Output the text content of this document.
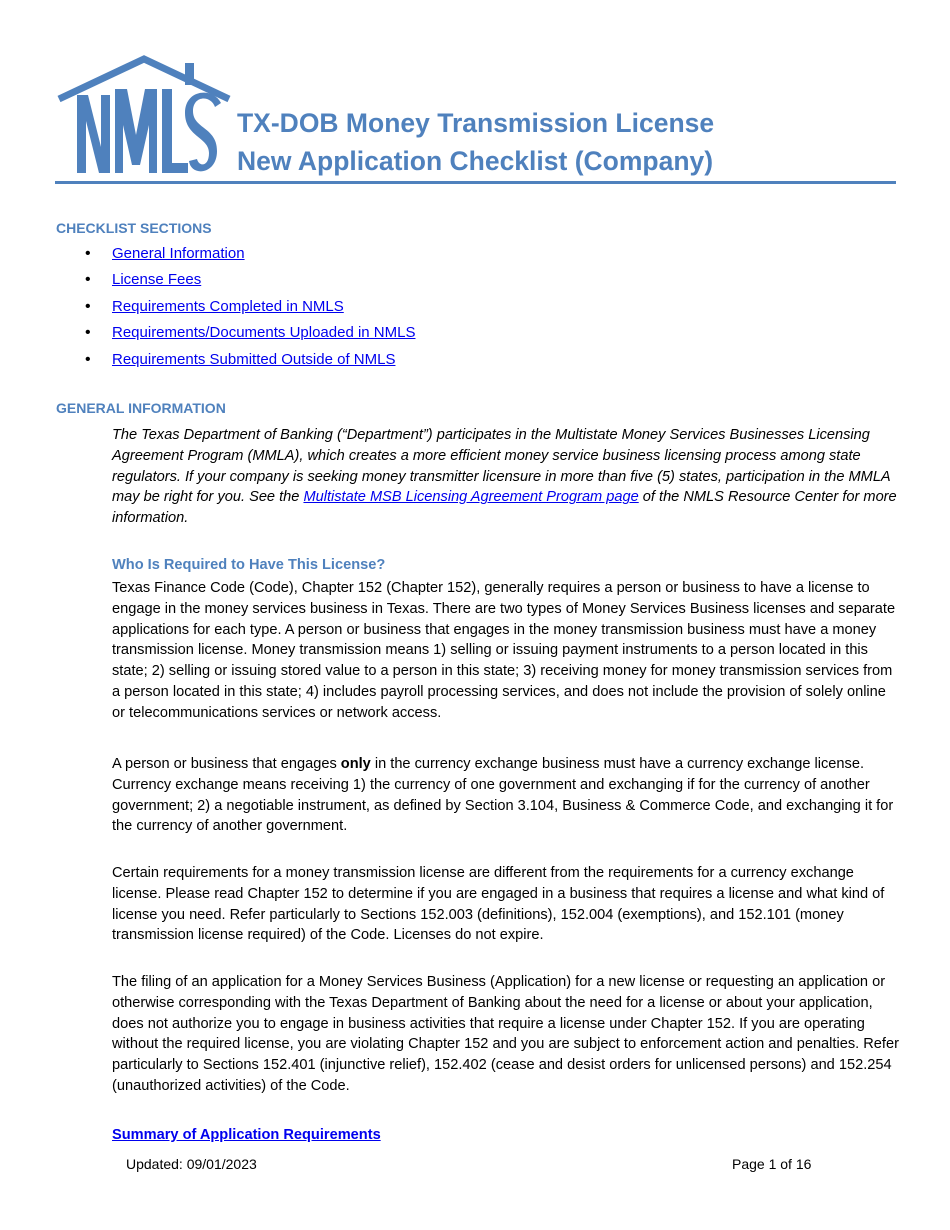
TX-DOB Money Transmission License
New Application Checklist (Company)
CHECKLIST SECTIONS
• General Information
• License Fees
• Requirements Completed in NMLS
• Requirements/Documents Uploaded in NMLS
• Requirements Submitted Outside of NMLS
GENERAL INFORMATION

The Texas Department of Banking (“Department”) participates in the Multistate Money Services Businesses Licensing Agreement Program (MMLA), which creates a more efficient money service business licensing process among state regulators. If your company is seeking money transmitter licensure in more than five (5) states, participation in the MMLA may be right for you. See the Multistate MSB Licensing Agreement Program page of the NMLS Resource Center for more information.

Who Is Required to Have This License?

Texas Finance Code (Code), Chapter 152 (Chapter 152), generally requires a person or business to have a license to engage in the money services business in Texas. There are two types of Money Services Business licenses and separate applications for each type. A person or business that engages in the money transmission business must have a money transmission license. Money transmission means 1) selling or issuing payment instruments to a person located in this state; 2) selling or issuing stored value to a person in this state; 3) receiving money for money transmission services from a person located in this state; 4) includes payroll processing services, and does not include the provision of solely online or telecommunications services or network access.

A person or business that engages only in the currency exchange business must have a currency exchange license. Currency exchange means receiving 1) the currency of one government and exchanging if for the currency of another government; 2) a negotiable instrument, as defined by Section 3.104, Business & Commerce Code, and exchanging it for the currency of another government.

Certain requirements for a money transmission license are different from the requirements for a currency exchange license. Please read Chapter 152 to determine if you are engaged in a business that requires a license and what kind of license you need. Refer particularly to Sections 152.003 (definitions), 152.004 (exemptions), and 152.101 (money transmission license required) of the Code. Licenses do not expire.

The filing of an application for a Money Services Business (Application) for a new license or requesting an application or otherwise corresponding with the Texas Department of Banking about the need for a license or about your application, does not authorize you to engage in business activities that require a license under Chapter 152. If you are operating without the required license, you are violating Chapter 152 and you are subject to enforcement action and penalties. Refer particularly to Sections 152.401 (injunctive relief), 152.402 (cease and desist orders for unlicensed persons) and 152.254 (unauthorized activities) of the Code.

Summary of Application Requirements
Updated: 09/01/2023	Page 1 of 16
